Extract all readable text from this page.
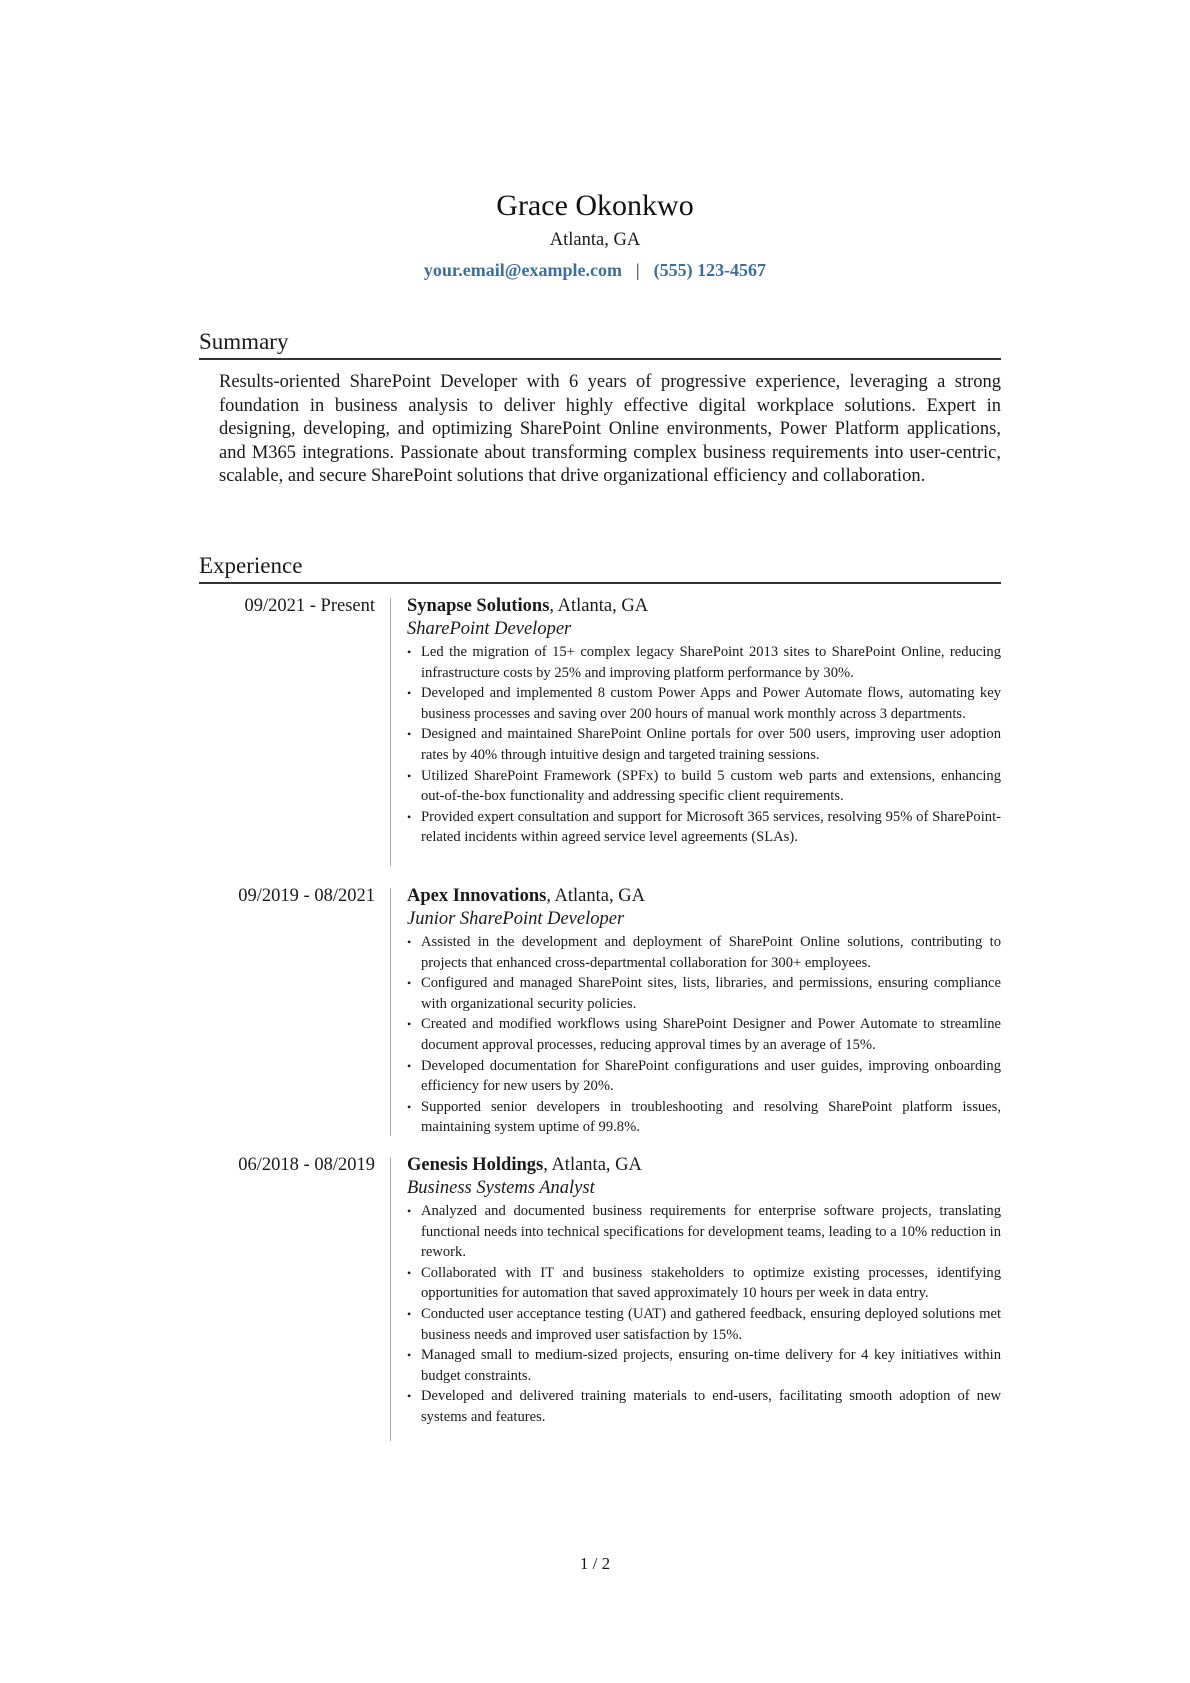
Grace Okonkwo
Atlanta, GA
your.email@example.com | (555) 123-4567
Summary

Results-oriented SharePoint Developer with 6 years of progressive experience, leveraging a strong foundation in business analysis to deliver highly effective digital workplace solutions. Expert in designing, developing, and optimizing SharePoint Online environments, Power Platform applications, and M365 integrations. Passionate about transforming complex business requirements into user-centric, scalable, and secure SharePoint solutions that drive organizational efficiency and collaboration.

Experience
09/2021 - Present Synapse Solutions, Atlanta, GA
SharePoint Developer
• Led the migration of 15+ complex legacy SharePoint 2013 sites to SharePoint Online, reducing infrastructure costs by 25% and improving platform performance by 30%.
• Developed and implemented 8 custom Power Apps and Power Automate flows, automating key business processes and saving over 200 hours of manual work monthly across 3 departments.
• Designed and maintained SharePoint Online portals for over 500 users, improving user adoption rates by 40% through intuitive design and targeted training sessions.
• Utilized SharePoint Framework (SPFx) to build 5 custom web parts and extensions, enhancing out-of-the-box functionality and addressing specific client requirements.
• Provided expert consultation and support for Microsoft 365 services, resolving 95% of SharePoint-related incidents within agreed service level agreements (SLAs).
09/2019 - 08/2021 Apex Innovations, Atlanta, GA
Junior SharePoint Developer
• Assisted in the development and deployment of SharePoint Online solutions, contributing to projects that enhanced cross-departmental collaboration for 300+ employees.
• Configured and managed SharePoint sites, lists, libraries, and permissions, ensuring compliance with organizational security policies.
• Created and modified workflows using SharePoint Designer and Power Automate to streamline document approval processes, reducing approval times by an average of 15%.
• Developed documentation for SharePoint configurations and user guides, improving onboarding efficiency for new users by 20%.
• Supported senior developers in troubleshooting and resolving SharePoint platform issues, maintaining system uptime of 99.8%.
06/2018 - 08/2019 Genesis Holdings, Atlanta, GA
Business Systems Analyst
• Analyzed and documented business requirements for enterprise software projects, translating functional needs into technical specifications for development teams, leading to a 10% reduction in rework.
• Collaborated with IT and business stakeholders to optimize existing processes, identifying opportunities for automation that saved approximately 10 hours per week in data entry.
• Conducted user acceptance testing (UAT) and gathered feedback, ensuring deployed solutions met business needs and improved user satisfaction by 15%.
• Managed small to medium-sized projects, ensuring on-time delivery for 4 key initiatives within budget constraints.
• Developed and delivered training materials to end-users, facilitating smooth adoption of new systems and features.
1 / 2
